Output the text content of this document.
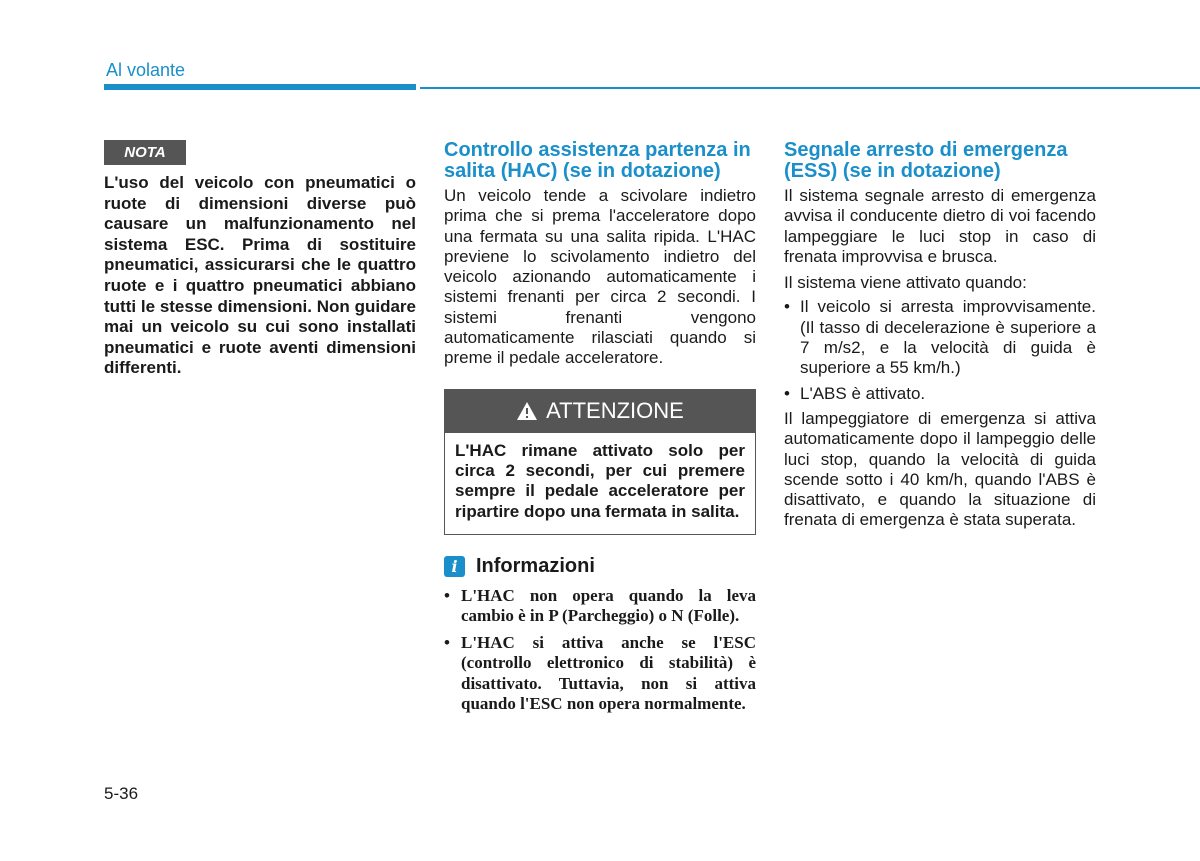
Al volante
NOTA
L'uso del veicolo con pneumatici o ruote di dimensioni diverse può causare un malfunzionamento nel sistema ESC. Prima di sostituire pneumatici, assicurarsi che le quattro ruote e i quattro pneumatici abbiano tutti le stesse dimensioni. Non guidare mai un veicolo su cui sono installati pneumatici e ruote aventi dimensioni differenti.
Controllo assistenza partenza in salita (HAC) (se in dotazione)

Un veicolo tende a scivolare indietro prima che si prema l'acceleratore dopo una fermata su una salita ripida. L'HAC previene lo scivolamento indietro del veicolo azionando automaticamente i sistemi frenanti per circa 2 secondi. I sistemi frenanti vengono automaticamente rilasciati quando si preme il pedale acceleratore.

ATTENZIONE
L'HAC rimane attivato solo per circa 2 secondi, per cui premere sempre il pedale acceleratore per ripartire dopo una fermata in salita.
i Informazioni
• L'HAC non opera quando la leva cambio è in P (Parcheggio) o N (Folle).
• L'HAC si attiva anche se l'ESC (controllo elettronico di stabilità) è disattivato. Tuttavia, non si attiva quando l'ESC non opera normalmente.
Segnale arresto di emergenza (ESS) (se in dotazione)

Il sistema segnale arresto di emergenza avvisa il conducente dietro di voi facendo lampeggiare le luci stop in caso di frenata improvvisa e brusca.

Il sistema viene attivato quando:

• Il veicolo si arresta improvvisamente. (Il tasso di decelerazione è superiore a 7 m/s2, e la velocità di guida è superiore a 55 km/h.)
• L'ABS è attivato.

Il lampeggiatore di emergenza si attiva automaticamente dopo il lampeggio delle luci stop, quando la velocità di guida scende sotto i 40 km/h, quando l'ABS è disattivato, e quando la situazione di frenata di emergenza è stata superata.

5-36
